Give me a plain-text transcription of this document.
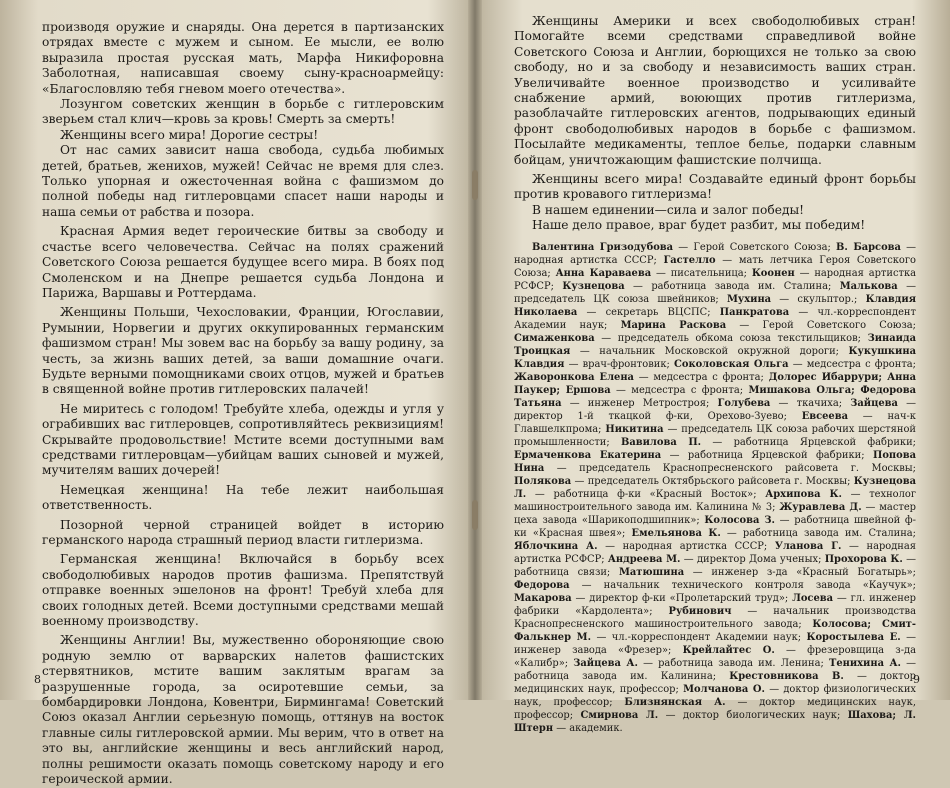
производя оружие и снаряды. Она дерется в партизанских отрядах вместе с мужем и сыном. Ее мысли, ее волю выразила простая русская мать, Марфа Никифоровна Заболотная, написавшая своему сыну-красноармейцу: «Благословляю тебя гневом моего отечества».

Лозунгом советских женщин в борьбе с гитлеровским зверьем стал клич—кровь за кровь! Смерть за смерть!

Женщины всего мира! Дорогие сестры!

От нас самих зависит наша свобода, судьба любимых детей, братьев, женихов, мужей! Сейчас не время для слез. Только упорная и ожесточенная война с фашизмом до полной победы над гитлеровцами спасет наши народы и наша семьи от рабства и позора.

Красная Армия ведет героические битвы за свободу и счастье всего человечества. Сейчас на полях сражений Советского Союза решается будущее всего мира. В боях под Смоленском и на Днепре решается судьба Лондона и Парижа, Варшавы и Роттердама.

Женщины Польши, Чехословакии, Франции, Югославии, Румынии, Норвегии и других оккупированных германским фашизмом стран! Мы зовем вас на борьбу за вашу родину, за честь, за жизнь ваших детей, за ваши домашние очаги. Будьте верными помощниками своих отцов, мужей и братьев в священной войне против гитлеровских палачей!

Не миритесь с голодом! Требуйте хлеба, одежды и угля у ограбивших вас гитлеровцев, сопротивляйтесь реквизициям! Скрывайте продовольствие! Мстите всеми доступными вам средствами гитлеровцам—убийцам ваших сыновей и мужей, мучителям ваших дочерей!

Немецкая женщина! На тебе лежит наибольшая ответственность.

Позорной черной страницей войдет в историю германского народа страшный период власти гитлеризма.

Германская женщина! Включайся в борьбу всех свободолюбивых народов против фашизма. Препятствуй отправке военных эшелонов на фронт! Требуй хлеба для своих голодных детей. Всеми доступными средствами мешай военному производству.

Женщины Англии! Вы, мужественно обороняющие свою родную землю от варварских налетов фашистских стервятников, мстите вашим заклятым врагам за разрушенные города, за осиротевшие семьи, за бомбардировки Лондона, Ковентри, Бирмингама! Советский Союз оказал Англии серьезную помощь, оттянув на восток главные силы гитлеровской армии. Мы верим, что в ответ на это вы, английские женщины и весь английский народ, полны решимости оказать помощь советскому народу и его героической армии.

8

Женщины Америки и всех свободолюбивых стран! Помогайте всеми средствами справедливой войне Советского Союза и Англии, борющихся не только за свою свободу, но и за свободу и независимость ваших стран. Увеличивайте военное производство и усиливайте снабжение армий, воюющих против гитлеризма, разоблачайте гитлеровских агентов, подрывающих единый фронт свободолюбивых народов в борьбе с фашизмом. Посылайте медикаменты, теплое белье, подарки славным бойцам, уничтожающим фашистские полчища.

Женщины всего мира! Создавайте единый фронт борьбы против кровавого гитлеризма!

В нашем единении—сила и залог победы!

Наше дело правое, враг будет разбит, мы победим!

Валентина Гризодубова — Герой Советского Союза; В. Барсова — народная артистка СССР; Гастелло — мать летчика Героя Советского Союза; Анна Караваева — писательница; Коонен — народная артистка РСФСР; Кузнецова — работница завода им. Сталина; Малькова — председатель ЦК союза швейников; Мухина — скульптор.; Клавдия Николаева — секретарь ВЦСПС; Панкратова — чл.-корреспондент Академии наук; Марина Раскова — Герой Советского Союза; Симаженкова — председатель обкома союза текстильщиков; Зинаида Троицкая — начальник Московской окружной дороги; Кукушкина Клавдия — врач-фронтовик; Соколовская Ольга — медсестра с фронта; Жаворонкова Елена — медсестра с фронта; Долорес Ибаррури; Анна Паукер; Ершова — медсестра с фронта; Мишакова Ольга; Федорова Татьяна — инженер Метростроя; Голубева — ткачиха; Зайцева — директор 1-й ткацкой ф-ки, Орехово-Зуево; Евсеева — нач-к Главшелкпрома; Никитина — председатель ЦК союза рабочих шерстяной промышленности; Вавилова П. — работница Ярцевской фабрики; Ермаченкова Екатерина — работница Ярцевской фабрики; Попова Нина — председатель Краснопресненского райсовета г. Москвы; Полякова — председатель Октябрьского райсовета г. Москвы; Кузнецова Л. — работница ф-ки «Красный Восток»; Архипова К. — технолог машиностроительного завода им. Калинина № 3; Журавлева Д. — мастер цеха завода «Шарикоподшипник»; Колосова З. — работница швейной ф-ки «Красная швея»; Емельянова К. — работница завода им. Сталина; Яблочкина А. — народная артистка СССР; Уланова Г. — народная артистка РСФСР; Андреева М. — директор Дома ученых; Прохорова К. — работница связи; Матюшина — инженер з-да «Красный Богатырь»; Федорова — начальник технического контроля завода «Каучук»; Макарова — директор ф-ки «Пролетарский труд»; Лосева — гл. инженер фабрики «Кардолента»; Рубинович — начальник производства Краснопресненского машиностроительного завода; Колосова; Смит-Фалькнер М. — чл.-корреспондент Академии наук; Коростылева Е. — инженер завода «Фрезер»; Крейлайтес О. — фрезеровщица з-да «Калибр»; Зайцева А. — работница завода им. Ленина; Тенихина А. — работница завода им. Калинина; Крестовникова В. — доктор медицинских наук, профессор; Молчанова О. — доктор физиологических наук, профессор; Близнянская А. — доктор медицинских наук, профессор; Смирнова Л. — доктор биологических наук; Шахова; Л. Штерн — академик.
9
